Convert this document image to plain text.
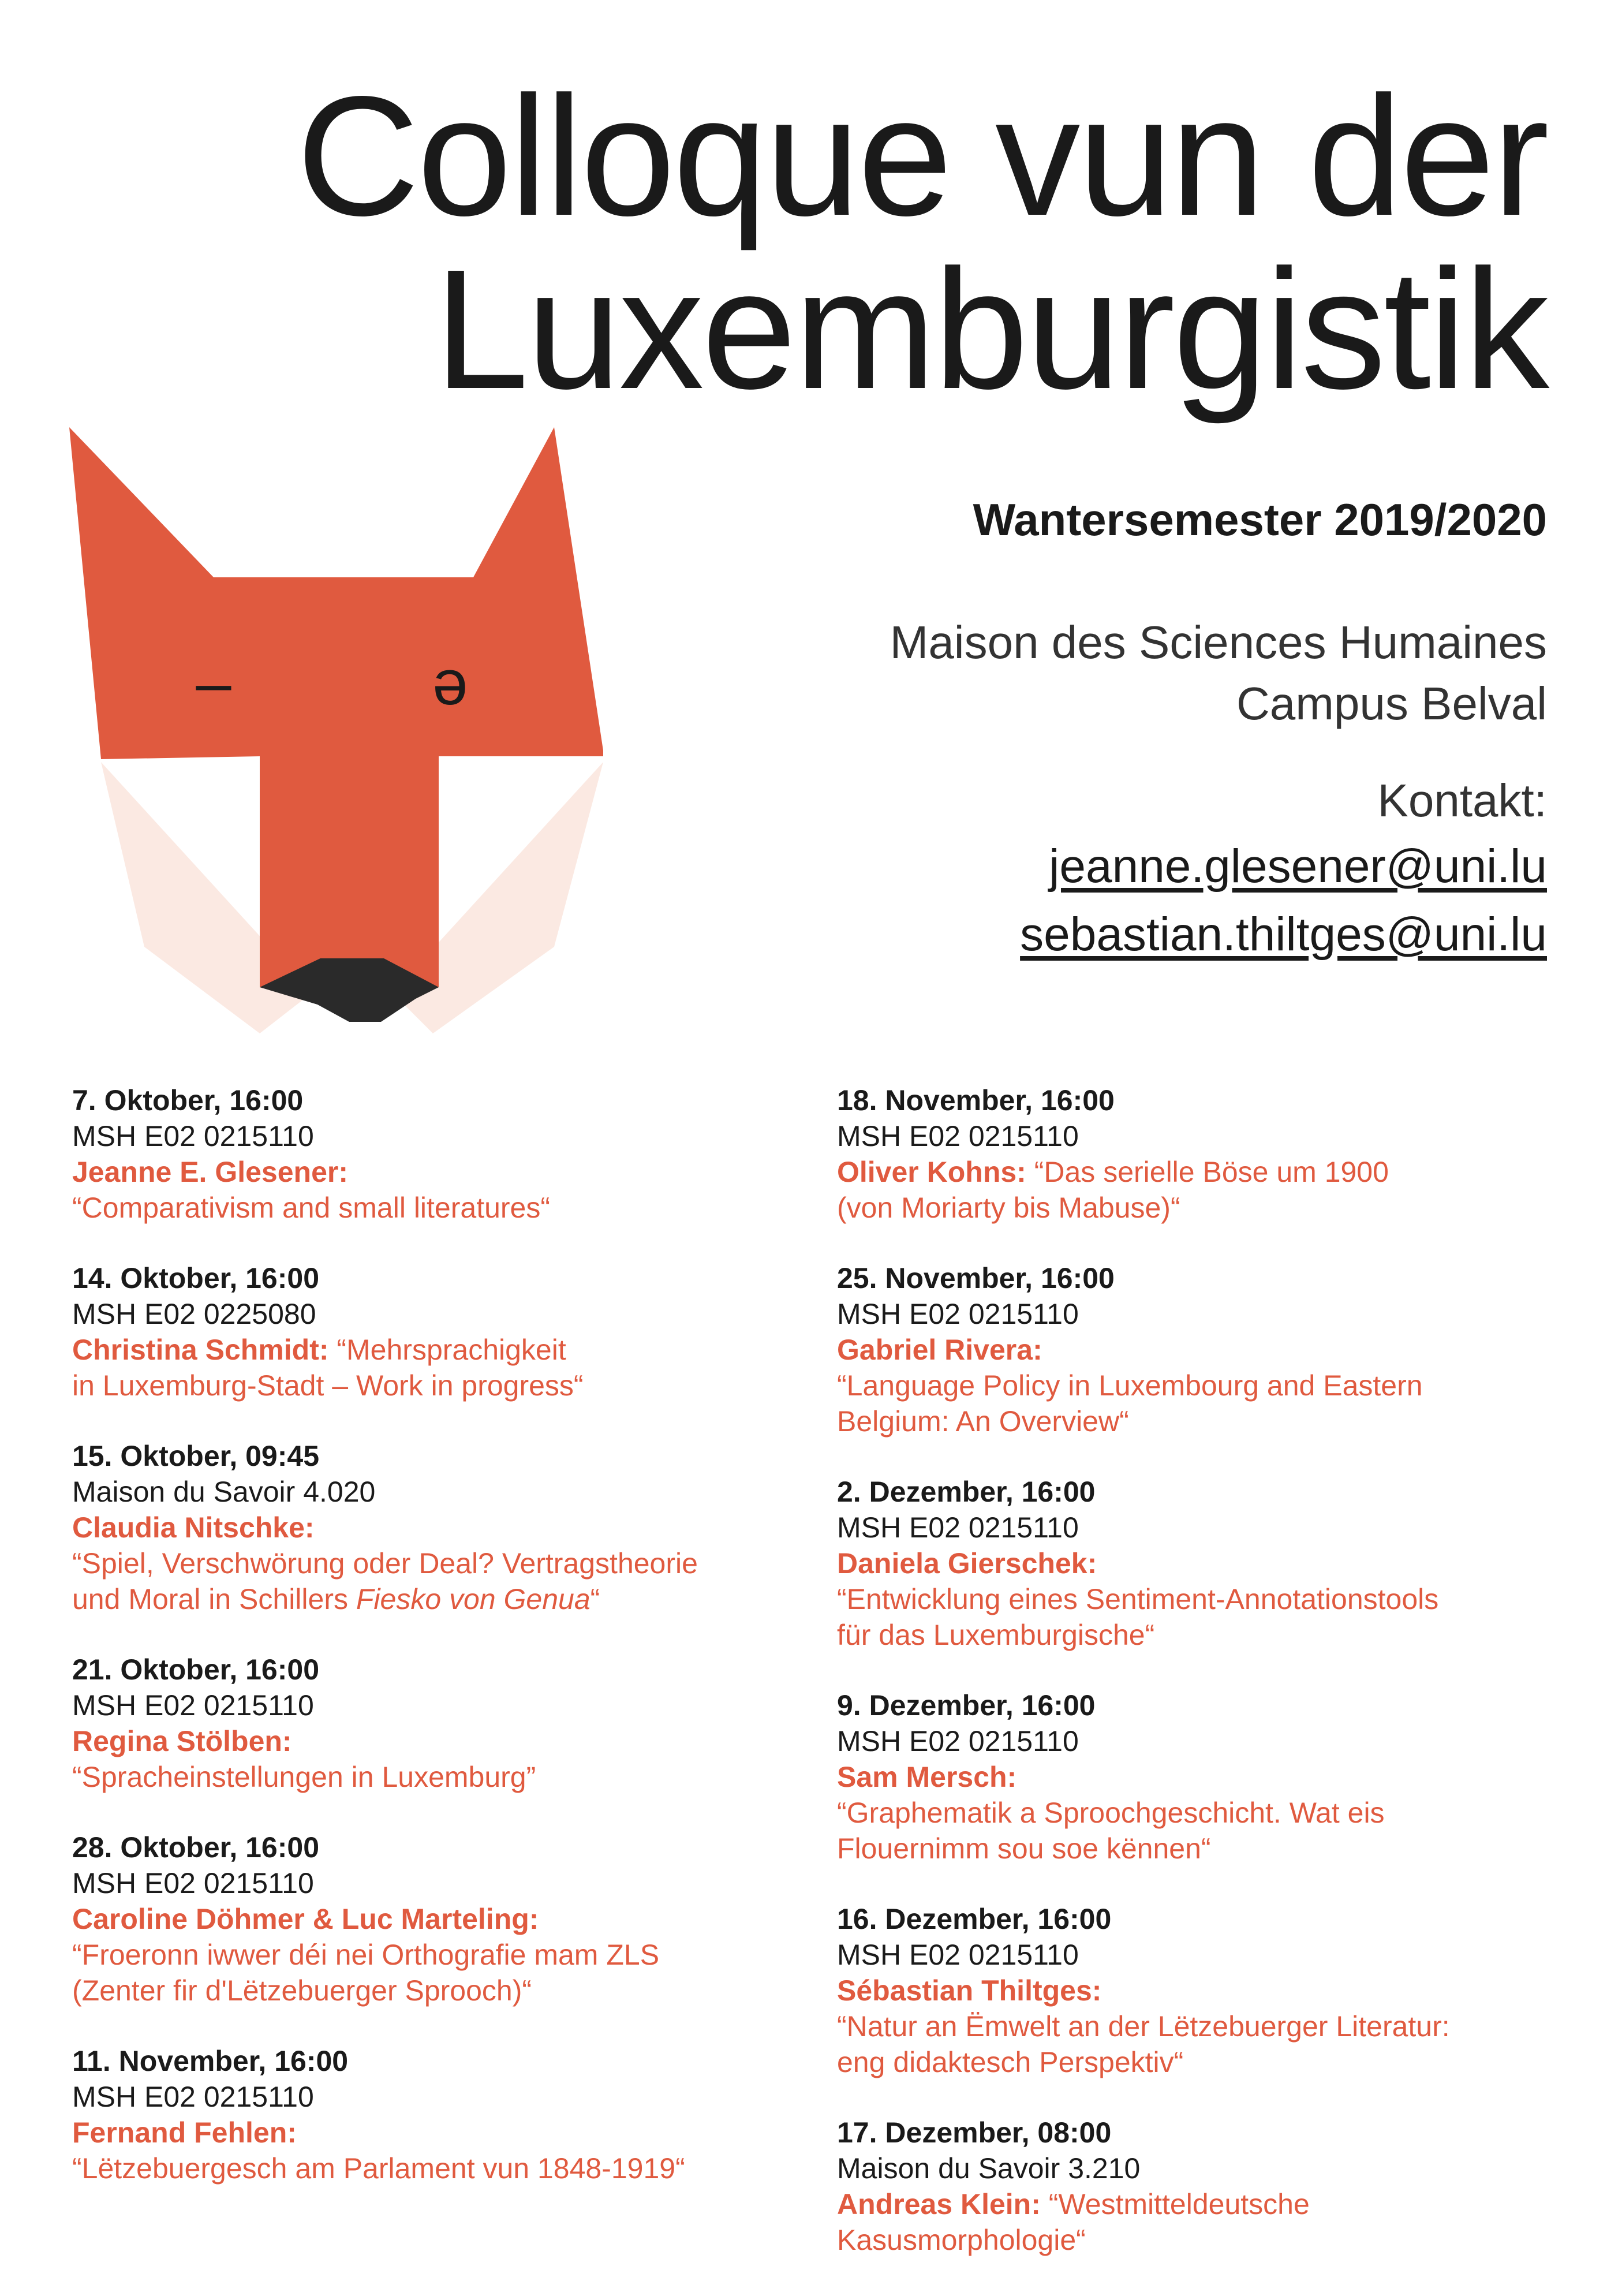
Colloque vun der
Luxemburgistik
–	ə

Wantersemester 2019/2020

Maison des Sciences Humaines

Campus Belval

Kontakt:

jeanne.glesener@uni.lu
sebastian.thiltges@uni.lu
7. Oktober, 16:00
MSH E02 0215110
Jeanne E. Glesener:
“Comparativism and small literatures“
14. Oktober, 16:00
MSH E02 0225080
Christina Schmidt: “Mehrsprachigkeit
in Luxemburg-Stadt – Work in progress“
15. Oktober, 09:45
Maison du Savoir 4.020
Claudia Nitschke:
“Spiel, Verschwörung oder Deal? Vertragstheorie
und Moral in Schillers Fiesko von Genua“
21. Oktober, 16:00
MSH E02 0215110
Regina Stölben:
“Spracheinstellungen in Luxemburg”
28. Oktober, 16:00
MSH E02 0215110
Caroline Döhmer & Luc Marteling:
“Froeronn iwwer déi nei Orthografie mam ZLS
(Zenter fir d'Lëtzebuerger Sprooch)“
11. November, 16:00
MSH E02 0215110
Fernand Fehlen:
“Lëtzebuergesch am Parlament vun 1848-1919“
18. November, 16:00
MSH E02 0215110
Oliver Kohns: “Das serielle Böse um 1900
(von Moriarty bis Mabuse)“
25. November, 16:00
MSH E02 0215110
Gabriel Rivera:
“Language Policy in Luxembourg and Eastern
Belgium: An Overview“
2. Dezember, 16:00
MSH E02 0215110
Daniela Gierschek:
“Entwicklung eines Sentiment-Annotationstools
für das Luxemburgische“
9. Dezember, 16:00
MSH E02 0215110
Sam Mersch:
“Graphematik a Sproochgeschicht. Wat eis
Flouernimm sou soe kënnen“
16. Dezember, 16:00
MSH E02 0215110
Sébastian Thiltges:
“Natur an Ëmwelt an der Lëtzebuerger Literatur:
eng didaktesch Perspektiv“
17. Dezember, 08:00
Maison du Savoir 3.210
Andreas Klein: “Westmitteldeutsche
Kasusmorphologie“
